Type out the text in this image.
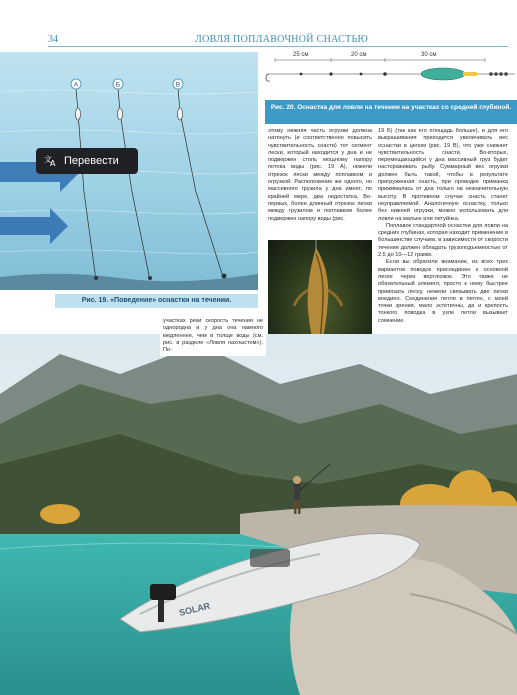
34	ЛОВЛЯ ПОПЛАВОЧНОЙ СНАСТЬЮ
А	Б	В
Рис. 19. «Поведение» оснастки на течении.
25 см	20 см	30 см
Рис. 20. Оснастка для ловли на течении на участках со средней глубиной.
文
A Перевести

этому нижняя часть огрузки должна натянуть (и соответственно повысить чувствительность снасти) тот сегмент лески, который находится у дна и не подвержен столь мощному напору потока воды (рис. 19 А), нежели отрезок лески между поплавком и огрузкой. Расположение же одного, но массивного грузила у дна имеет, по крайней мере, два недостатка. Во-первых, более длинный отрезок лески между грузилом и поплавком более подвержен напору воды (рис.

19 Б) (так как его площадь больше), и для его выкрашивания приходится увеличивать вес оснастки в целом (рис. 19 В), что уже снижает чувствительность снасти. Во-вторых, перемещающийся у дна массивный груз будет настораживать рыбу. Суммарный вес огрузки должен быть такой, чтобы в результате пригруженная снасть, при проводке приманка прижималась от дна только на незначительную высоту. В противном случае снасть станет неуправляемой. Аналогичную оснастку, только без нижней огрузки, можно использовать для ловли на мальке или летуйнка.

Поплавок стандартной оснастки для ловли на средних глубинах, которая находит применение в большинстве случаев, в зависимости от скорости течения должен обладать грузоподъемностью от 2,5 до 10—12 грамм.

Если вы обратили внимание, из всех трех вариантов поводок присоединен к основной леске через вертлюжок. Это также не обязательный элемент, просто к нему быстрее привязать леску, нежели связывать две лески воедино. Соединения петля в петлю, с моей точки зрения, мало эстетичны, да и крепость тонкого поводка в узле петли вызывает сомнение.

SOLAR

участках реки скорость течения не однородна и у дна она намного медленнее, чем в толще воды (см. рис. в разделе «Ловля нахлыстом»). По-
